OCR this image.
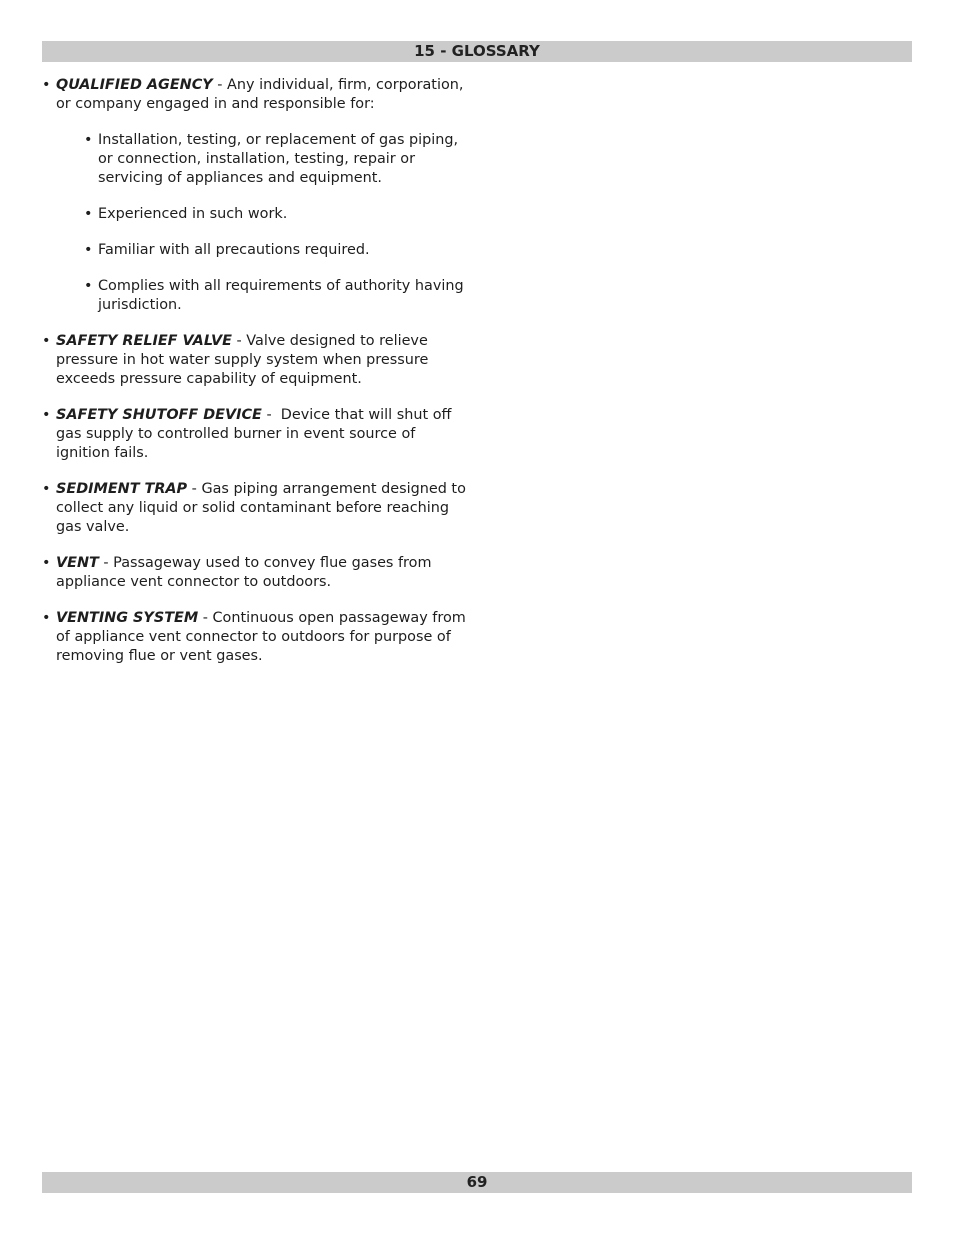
15 - GLOSSARY
• QUALIFIED AGENCY - Any individual, firm, corporation, or company engaged in and responsible for:
• Installation, testing, or replacement of gas piping, or connection, installation, testing, repair or servicing of appliances and equipment.
• Experienced in such work.
• Familiar with all precautions required.
• Complies with all requirements of authority having jurisdiction.
• SAFETY RELIEF VALVE - Valve designed to relieve pressure in hot water supply system when pressure exceeds pressure capability of equipment.
• SAFETY SHUTOFF DEVICE -  Device that will shut off gas supply to controlled burner in event source of ignition fails.
• SEDIMENT TRAP - Gas piping arrangement designed to collect any liquid or solid contaminant before reaching gas valve.
• VENT - Passageway used to convey flue gases from appliance vent connector to outdoors.
• VENTING SYSTEM - Continuous open passageway from of appliance vent connector to outdoors for purpose of removing flue or vent gases.
69
